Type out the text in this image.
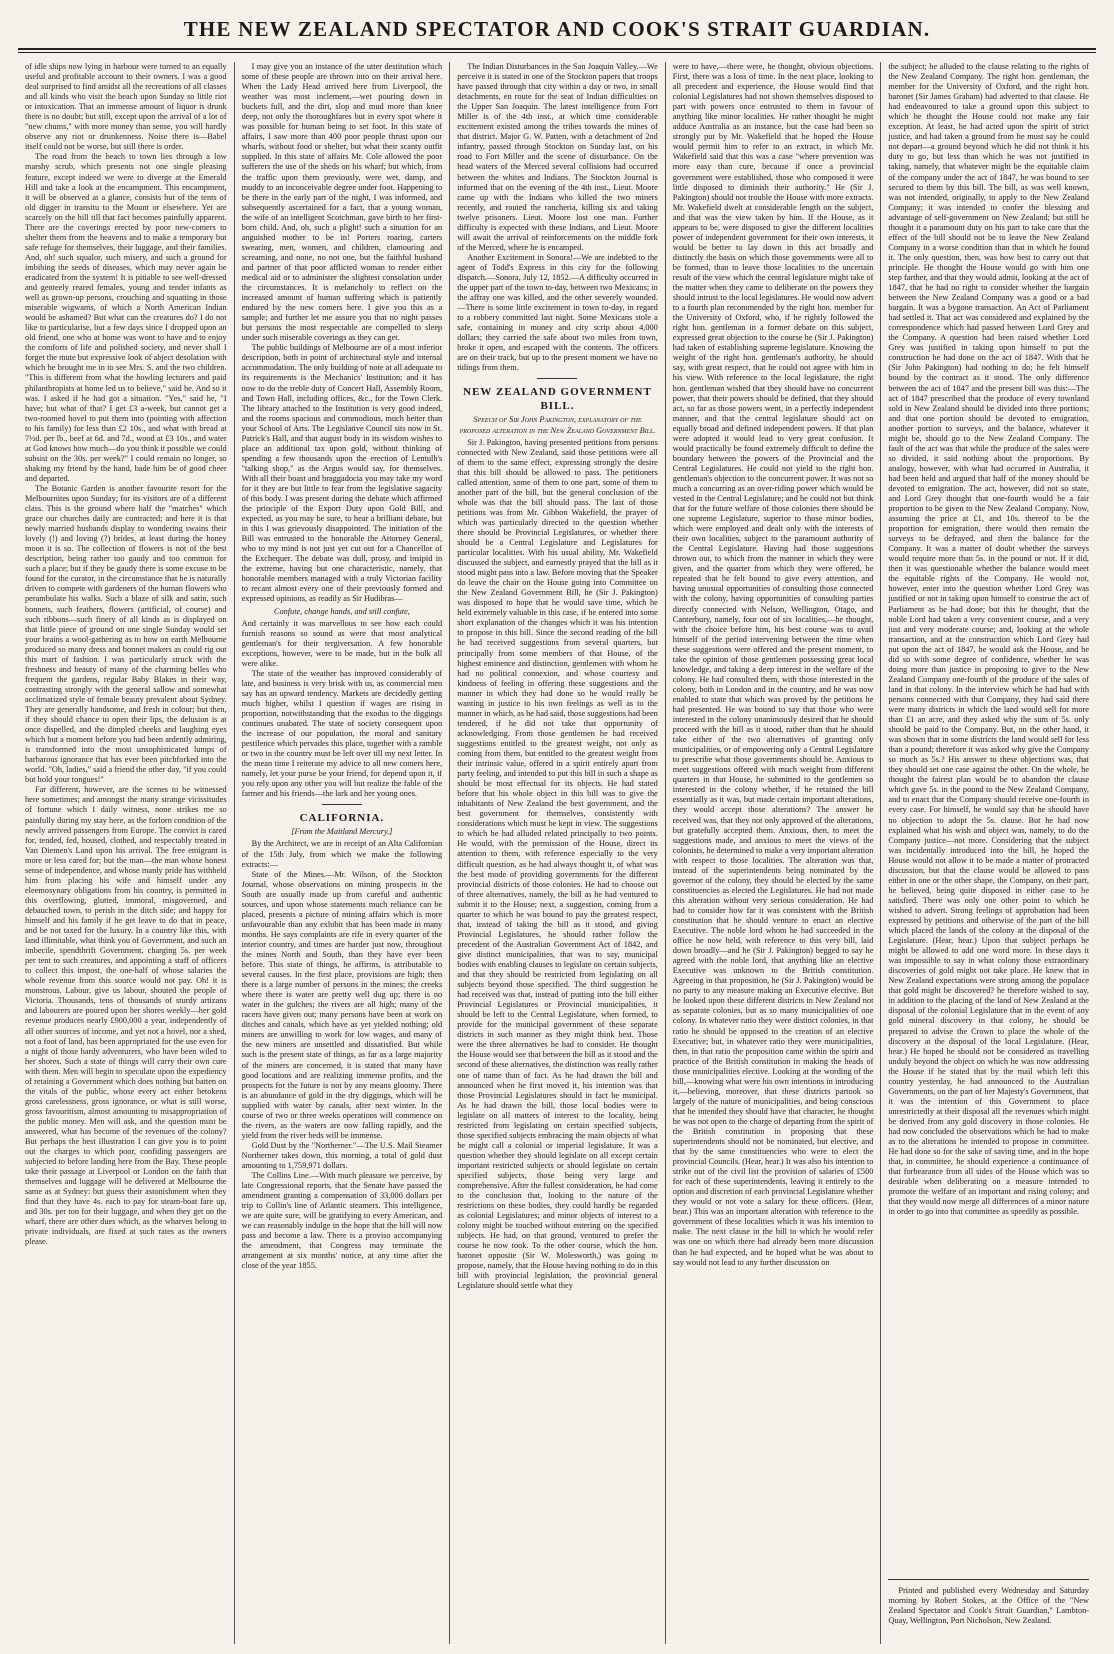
THE NEW ZEALAND SPECTATOR AND COOK'S STRAIT GUARDIAN.

of idle ships now lying in harbour were turned to an equally useful and profitable account to their owners. I was a good deal surprised to find amidst all the recreations of all classes and all kinds who visit the beach upon Sunday so little riot or intoxication. That an immense amount of liquor is drunk there is no doubt; but still, except upon the arrival of a lot of "new chums," with more money than sense, you will hardly observe any riot or drunkenness. Noise there is—Babel itself could not be worse, but still there is order.

The road from the beach to town lies through a low marshy scrub, which presents not one single pleasing feature, except indeed we were to diverge at the Emerald Hill and take a look at the encampment. This encampment, it will be observed at a glance, consists but of the tents of old digger in transitu to the Mount or elsewhere. Yet are scarcely on the hill till that fact becomes painfully apparent. There are the coverings erected by poor new-comers to shelter them from the heavens and to make a temporary but safe refuge for themselves, their luggage, and their families. And, oh! such squalor, such misery, and such a ground for imbibing the seeds of diseases, which may never again be eradicated from the system! It is pitiable to see well-dressed and genteely reared females, young and tender infants as well as grown-up persons, crouching and squatting in those miserable wigwams, of which a North American Indian would be ashamed? But what can the creatures do? I do not like to particularise, but a few days since I dropped upon an old friend, one who at home was wont to have and to enjoy the comforts of life and polished society, and never shall I forget the mute but expressive look of abject desolation with which he brought me in to see Mrs. S. and the two children. "This is different from what the howling lecturers and paid philanthropists at home led us to believe," said he. And so it was. I asked if he had got a situation. "Yes," said he, "I have; but what of that? I get £3 a-week, but cannot get a two-roomed hovel to put them into (pointing with affection to his family) for less than £2 10s., and what with bread at 7½d. per lb., beef at 6d. and 7d., wood at £3 10s., and water at God knows how much—do you think it possible we could subsist on the 30s. per week?" I could remain no longer, so shaking my friend by the hand, bade him be of good cheer and departed.

The Botanic Garden is another favourite resort for the Melbournites upon Sunday; for its visitors are of a different class. This is the ground where half the "matches" which grace our churches daily are contracted; and here it is that newly married husbands display to wondering swains their lovely (!) and loving (?) brides, at least during the honey moon it is so. The collection of flowers is not of the best description, being rather too gaudy and too common for such a place; but if they be gaudy there is some excuse to be found for the curator, in the circumstance that he is naturally driven to compete with gardeners of the human flowers who perambulate his walks. Such a blaze of silk and satin, such bonnets, such feathers, flowers (artificial, of course) and such ribbons—such finery of all kinds as is displayed on that little piece of ground on one single Sunday would set your brains a wool-gathering as to how on earth Melbourne produced so many dress and bonnet makers as could rig out this mart of fashion. I was particularly struck with the freshness and beauty of many of the charming belles who frequent the gardens, regular Baby Blakes in their way, contrasting strongly with the general sallow and somewhat acclimatized style of female beauty prevalent about Sydney. They are generally handsome, and fresh in colour; but then, if they should chance to open their lips, the delusion is at once dispelled, and the dimpled cheeks and laughing eyes which but a moment before you had been ardently admiring, is transformed into the most unsophisticated lumps of barbarous ignorance that has ever been pitchforked into the world. "Oh, ladies," said a friend the other day, "if you could but hold your tongues!"

Far different, however, are the scenes to be witnessed here sometimes; and amongst the many strange vicissitudes of fortune which I daily witness, none strikes me so painfully during my stay here, as the forlorn condition of the newly arrived passengers from Europe. The convict is cared for, tended, fed, housed, clothed, and respectably treated in Van Diemen's Land upon his arrival. The free emigrant is more or less cared for; but the man—the man whose honest sense of independence, and whose manly pride has withheld him from placing his wife and himself under any eleemosynary obligations from his country, is permitted in this overflowing, glutted, immoral, misgoverned, and debauched town, to perish in the ditch side; and happy for himself and his family if he get leave to do that in peace, and be not taxed for the luxury. In a country like this, with land illimitable, what think you of Government, and such an imbecile, spendthrift Government, charging 5s. per week per tent to such creatures, and appointing a staff of officers to collect this impost, the one-half of whose salaries the whole revenue from this source would not pay. Oh! it is monstrous. Labour, give us labour, shouted the people of Victoria. Thousands, tens of thousands of sturdy artizans and labourers are poured upon her shores weekly—her gold revenue produces nearly £900,000 a year, independently of all other sources of income, and yet not a hovel, nor a shed, not a foot of land, has been appropriated for the use even for a night of those hardy adventurers, who have been wiled to her shores. Such a state of things will carry their own cure with them. Men will begin to speculate upon the expediency of retaining a Government which does nothing but batten on the vitals of the public, whose every act either betokens gross carelessness, gross ignorance, or what is still worse, gross favouritism, almost amounting to misappropriation of the public money. Men will ask, and the question must be answered, what has become of the revenues of the colony? But perhaps the best illustration I can give you is to point out the charges to which poor, confiding passengers are subjected to before landing here from the Bay. These people take their passage at Liverpool or London on the faith that themselves and luggage will be delivered at Melbourne the same as at Sydney: but guess their astonishment when they find that they have 4s. each to pay for steam-boat fare up, and 30s. per ton for their luggage, and when they get on the wharf, there are other dues which, as the wharves belong to private individuals, are fixed at such rates as the owners please.

I may give you an instance of the utter destitution which some of these people are thrown into on their arrival here. When the Lady Head arrived here from Liverpool, the weather was most inclement,—wet pouring down in buckets full, and the dirt, slop and mud more than knee deep, not only the thoroughfares but in every spot where it was possible for human being to set foot. In this state of affairs, I saw more than 400 poor people thrust upon our wharfs, without food or shelter, but what their scanty outfit supplied. In this state of affairs Mr. Cole allowed the poor sufferers the use of the sheds on his wharf; but which, from the traffic upon them previously, were wet, damp, and muddy to an inconceivable degree under foot. Happening to be there in the early part of the night, I was informed, and subsequently ascertained for a fact, that a young woman, the wife of an intelligent Scotchman, gave birth to her first-born child. And, oh, such a plight! such a situation for an anguished mother to be in! Porters roaring, carters swearing, men, women, and children, clamouring and screaming, and none, no not one, but the faithful husband and partner of that poor afflicted woman to render either medical aid or to administer the slightest consolation under the circumstances. It is melancholy to reflect on the increased amount of human suffering which is patiently endured by the new comers here. I give you this as a sample; and further let me assure you that no night passes but persons the most respectable are compelled to sleep under such miserable coverings as they can get.

The public buildings of Melbourne are of a most inferior description, both in point of architectural style and internal accommodation. The only building of note at all adequate to its requirements is the Mechanics' Institution; and it has now to do the treble duty of Concert Hall, Assembly Room, and Town Hall, including offices, &c., for the Town Clerk. The library attached to the Institution is very good indeed, and the rooms spacious and commodious, much better than your School of Arts. The Legislative Council sits now in St. Patrick's Hall, and that august body in its wisdom wishes to place an additional tax upon gold, without thinking of spending a few thousands upon the erection of Lentulh's "talking shop," as the Argus would say, for themselves. With all their boast and braggadocia you may take my word for it they are but little to fear from the legislative sagacity of this body. I was present during the debate which affirmed the principle of the Export Duty upon Gold Bill, and expected, as you may be sure, to hear a brilliant debate, but in this I was grievously disappointed. The initiation of the Bill was entrusted to the honorable the Attorney General, who to my mind is not just yet cut out for a Chancellor of the Exchequer. The debate was dull, prosy, and insipid in the extreme, having but one characteristic, namely, that honorable members managed with a truly Victorian facility to recant almost every one of their previously formed and expressed opinions, as readily as Sir Hudibras—

Confute, change hands, and still confute,

And certainly it was marvellous to see how each could furnish reasons so sound as were that most analytical gentleman's for their tergiversation. A few honorable exceptions, however, were to be made, but in the bulk all were alike.

The state of the weather has improved considerably of late, and business is very brisk with us, as commercial men say has an upward tendency. Markets are decidedly getting much higher, whilst I question if wages are rising in proportion, notwithstanding that the exodus to the diggings continues unabated. The state of society consequent upon the increase of our population, the moral and sanitary pestilence which pervades this place, together with a ramble or two in the country must be left over till my next letter. In the mean time I reiterate my advice to all new comers here, namely, let your purse be your friend, for depend upon it, if you rely upon any other you will but realize the fable of the farmer and his friends—the lark and her young ones.

CALIFORNIA.

[From the Maitland Mercury.]

By the Architect, we are in receipt of an Alta Californian of the 15th July, from which we make the following extracts:—

State of the Mines.—Mr. Wilson, of the Stockton Journal, whose observations on mining prospects in the South are usually made up from careful and authentic sources, and upon whose statements much reliance can be placed, presents a picture of mining affairs which is more unfavourable than any exhibit that has been made in many months. He says complaints are rife in every quarter of the interior country, and times are harder just now, throughout the mines North and South, than they have ever been before. This state of things, he affirms, is attributable to several causes. In the first place, provisions are high; then there is a large number of persons in the mines; the creeks where there is water are pretty well dug up; there is no water in the gulches; the rivers are all high; many of the racers have given out; many persons have been at work on ditches and canals, which have as yet yielded nothing; old miners are unwilling to work for low wages, and many of the new miners are unsettled and dissatisfied. But while such is the present state of things, as far as a large majority of the miners are concerned, it is stated that many have good locations and are realizing immense profits, and the prospects for the future is not by any means gloomy. There is an abundance of gold in the dry diggings, which will be supplied with water by canals, after next winter. In the course of two or three weeks operations will commence on the rivers, as the waters are now falling rapidly, and the yield from the river beds will be immense.

Gold Dust by the "Northerner."—The U.S. Mail Steamer Northerner takes down, this morning, a total of gold dust amounting to 1,759,971 dollars.

The Collins Line.—With much pleasure we perceive, by late Congressional reports, that the Senate have passed the amendment granting a compensation of 33,000 dollars per trip to Collin's line of Atlantic steamers. This intelligence, we are quite sure, will be gratifying to every American, and we can reasonably indulge in the hope that the bill will now pass and become a law. There is a proviso accompanying the amendment, that Congress may terminate the arrangement at six months' notice, at any time after the close of the year 1855.

The Indian Disturbances in the San Joaquin Valley.—We perceive it is stated in one of the Stockton papers that troops have passed through that city within a day or two, in small detachments, en route for the seat of Indian difficulties on the Upper San Joaquin. The latest intelligence from Fort Miller is of the 4th inst., at which time considerable excitement existed among the tribes towards the mines of that district. Major G. W. Patten, with a detachment of 2nd infantry, passed through Stockton on Sunday last, on his road to Fort Miller and the scene of disturbance. On the head waters of the Merced several collisions had occurred between the whites and Indians. The Stockton Journal is informed that on the evening of the 4th inst., Lieut. Moore came up with the Indians who killed the two miners recently, and routed the rancheria, killing six and taking twelve prisoners. Lieut. Moore lost one man. Further difficulty is expected with these Indians, and Lieut. Moore will await the arrival of reinforcements on the middle fork of the Merced, where he is encamped.

Another Excitement in Sonora!—We are indebted to the agent of Todd's Express in this city for the following dispatch.—Sonora, July 12, 1852.—A difficulty occurred in the upper part of the town to-day, between two Mexicans; in the affray one was killed, and the other severely wounded.—There is some little excitement in town to-day, in regard to a robbery committed last night. Some Mexicans stole a safe, containing in money and city scrip about 4,000 dollars; they carried the safe about two miles from town, broke it open, and escaped with the contents. The officers are on their track, but up to the present moment we have no tidings from them.

NEW ZEALAND GOVERNMENT BILL.

Speech of Sir John Pakington, explanatory of the proposed alteration in the New Zealand Government Bill.

Sir J. Pakington, having presented petitions from persons connected with New Zealand, said those petitions were all of them to the same effect, expressing strongly the desire that this bill should be allowed to pass. The petitioners called attention, some of them to one part, some of them to another part of the bill, but the general conclusion of the whole was that the bill should pass. The last of those petitions was from Mr. Gibbon Wakefield, the prayer of which was particularly directed to the question whether there should be Provincial Legislatures, or whether there should be a Central Legislature and Legislatures for particular localities. With his usual ability, Mr. Wakefield discussed the subject, and earnestly prayed that the bill as it stood might pass into a law. Before moving that the Speaker do leave the chair on the House going into Committee on the New Zealand Government Bill, he (Sir J. Pakington) was disposed to hope that he would save time, which he held extremely valuable in this case, if he entered into some short explanation of the changes which it was his intention to propose in this bill. Since the second reading of the bill he had received suggestions from several quarters, but principally from some members of that House, of the highest eminence and distinction, gentlemen with whom he had no political connexion, and whose courtesy and kindness of feeling in offering these suggestions and the manner in which they had done so he would really be wanting in justice to his own feelings as well as to the manner in which, as he had said, those suggestions had been tendered, if he did not take that opportunity of acknowledging. From those gentlemen he had received suggestions entitled to the greatest weight, not only as coming from them, but entitled to the greatest weight from their intrinsic value, offered in a spirit entirely apart from party feeling, and intended to put this bill in such a shape as should be most effectual for its objects. He had stated before that his whole object in this bill was to give the inhabitants of New Zealand the best government, and the best government for themselves, consistently with considerations which must be kept in view. The suggestions to which he had alluded related principally to two points. He would, with the permission of the House, direct its attention to them, with reference especially to the very difficult question, as he had always thought it, of what was the best mode of providing governments for the different provincial districts of those colonies. He had to choose out of three alternatives, namely, the bill as he had ventured to submit it to the House; next, a suggestion, coming from a quarter to which he was bound to pay the greatest respect, that, instead of taking the bill as it stood, and giving Provincial Legislatures, he should rather follow the precedent of the Australian Government Act of 1842, and give distinct municipalities, that was to say, municipal bodies with enabling clauses to legislate on certain subjects, and that they should be restricted from legislating on all subjects beyond those specified. The third suggestion he had received was that, instead of putting into the bill either Provincial Legislatures or Provincial municipalities, it should be left to the Central Legislature, when formed, to provide for the municipal government of these separate districts in such manner as they might think best. Those were the three alternatives he had to consider. He thought the House would see that between the bill as it stood and the second of these alternatives, the distinction was really rather one of name than of fact. As he had drawn the bill and announced when he first moved it, his intention was that those Provincial Legislatures should in fact be municipal. As he had drawn the bill, those local bodies were to legislate on all matters of interest to the locality, being restricted from legislating on certain specified subjects, those specified subjects embracing the main objects of what he might call a colonial or imperial legislature. It was a question whether they should legislate on all except certain important restricted subjects or should legislate on certain specified subjects, those being very large and comprehensive. After the fullest consideration, he had come to the conclusion that, looking to the nature of the restrictions on these bodies, they could hardly be regarded as colonial Legislatures; and minor objects of interest to a colony might be touched without entering on the specified subjects. He had, on that ground, ventured to prefer the course he now took. To the other course, which the hon. baronet opposite (Sir W. Molesworth,) was going to propose, namely, that the House having nothing to do in this bill with provincial legislation, the provincial general Legislature should settle what they

were to have,—there were, he thought, obvious objections. First, there was a loss of time. In the next place, looking to all precedent and experience, the House would find that colonial Legislatures had not shown themselves disposed to part with powers once entrusted to them in favour of anything like minor localities. He rather thought he might adduce Australia as an instance, but the case had been so strongly put by Mr. Wakefield that he hoped the House would permit him to refer to an extract, in which Mr. Wakefield said that this was a case "where prevention was more easy than cure, because if once a provincial government were established, those who composed it were little disposed to diminish their authority." He (Sir J. Pakington) should not trouble the House with more extracts. Mr. Wakefield dwelt at considerable length on the subject, and that was the view taken by him. If the House, as it appears to be, were disposed to give the different localities power of independent government for their own interests, it would be better to lay down in this act broadly and distinctly the basis on which those governments were all to be formed, than to leave those localities to the uncertain result of the view which the central legislature might take of the matter when they came to deliberate on the powers they should intrust to the local legislatures. He would now advert to a fourth plan recommended by the right hon. member for the University of Oxford, who, if he rightly followed the right hon. gentleman in a former debate on this subject, expressed great objection to the course he (Sir J. Pakington) had taken of establishing supreme legislature. Knowing the weight of the right hon. gentleman's authority, he should say, with great respect, that he could not agree with him in his view. With reference to the local legislature, the right hon. gentleman wished that they should have no concurrent power, that their powers should be defined, that they should act, so far as those powers went, in a perfectly independent manner, and that the central legislature should act on equally broad and defined independent powers. If that plan were adopted it would lead to very great confusion. It would practically be found extremely difficult to define the boundary between the powers of the Provincial and the Central Legislatures. He could not yield to the right hon. gentleman's objection to the concurrent power. It was not so much a concurring as an over-riding power which would be vested in the Central Legislature; and he could not but think that for the future welfare of those colonies there should be one supreme Legislature, superior to those minor bodies, which were employed and dealt only with the interests of their own localities, subject to the paramount authority of the Central Legislature. Having had those suggestions thrown out, to which from the manner in which they were given, and the quarter from which they were offered, he repeated that he felt bound to give every attention, and having unusual opportunities of consulting those connected with the colony, having opportunities of consulting parties directly connected with Nelson, Wellington, Otago, and Canterbury, namely, four out of six localities,—he thought, with the choice before him, his best course was to avail himself of the period intervening between the time when these suggestions were offered and the present moment, to take the opinion of those gentlemen possessing great local knowledge, and taking a deep interest in the welfare of the colony. He had consulted them, with those interested in the colony, both in London and in the country, and he was now enabled to state that which was proved by the petitions he had presented. He was bound to say that those who were interested in the colony unanimously desired that he should proceed with the bill as it stood, rather than that he should take either of the two alternatives of granting only municipalities, or of empowering only a Central Legislature to prescribe what those governments should be. Anxious to meet suggestions offered with much weight from different quarters in that House, he submitted to the gentlemen so interested in the colony whether, if he retained the bill essentially as it was, but made certain important alterations, they would accept those alterations? The answer he received was, that they not only approved of the alterations, but gratefully accepted them. Anxious, then, to meet the suggestions made, and anxious to meet the views of the colonists, he determined to make a very important alteration with respect to those localities. The alteration was that, instead of the superintendents being nominated by the governor of the colony, they should be elected by the same constituencies as elected the Legislatures. He had not made this alteration without very serious consideration. He had had to consider how far it was consistent with the British constitution that he should venture to enact an elective Executive. The noble lord whom he had succeeded in the office he now held, with reference to this very bill, laid down broadly—and he (Sir J. Pakington) begged to say he agreed with the noble lord, that anything like an elective Executive was unknown to the British constitution. Agreeing in that proposition, he (Sir J. Pakington) would be no party to any measure making an Executive elective. But he looked upon these different districts in New Zealand not as separate colonies, but as so many municipalities of one colony. In whatever ratio they were distinct colonies, in that ratio he should be opposed to the creation of an elective Executive; but, in whatever ratio they were municipalities, then, in that ratio the proposition came within the spirit and practice of the British constitution in making the heads of those municipalities elective. Looking at the wording of the bill,—knowing what were his own intentions in introducing it,—believing, moreover, that these districts partook so largely of the nature of municipalities, and being conscious that he intended they should have that character, he thought he was not open to the charge of departing from the spirit of the British constitution in proposing that these superintendents should not be nominated, but elective, and that by the same constituencies who were to elect the provincial Councils. (Hear, hear.) It was also his intention to strike out of the civil list the provision of salaries of £500 for each of these superintendents, leaving it entirely to the option and discretion of each provincial Legislature whether they would or not vote a salary for these officers. (Hear, hear.) This was an important alteration with reference to the government of these localities which it was his intention to make. The next clause in the bill to which he would refer was one on which there had already been more discussion than he had expected, and he hoped what he was about to say would not lead to any further discussion on

the subject; he alluded to the clause relating to the rights of the New Zealand Company. The right hon. gentleman, the member for the University of Oxford, and the right hon. baronet (Sir James Graham) had adverted to that clause. He had endeavoured to take a ground upon this subject to which he thought the House could not make any fair exception. At least, he had acted upon the spirit of strict justice, and had taken a ground from he must say he could not depart—a ground beyond which he did not think it his duty to go, but less than which he was not justified in taking, namely, that whatever might be the equitable claim of the company under the act of 1847, he was bound to see secured to them by this bill. The bill, as was well known, was not intended, originally, to apply to the New Zealand Company; it was intended to confer the blessing and advantage of self-government on New Zealand; but still he thought it a paramount duty on his part to take care that the effect of the bill should not be to leave the New Zealand Company in a worse condition than that in which he found it. The only question, then, was how best to carry out that principle. He thought the House would go with him one step farther, and that they would admit, looking at the act of 1847, that he had no right to consider whether the bargain between the New Zealand Company was a good or a bad bargain. It was a bygone transaction. An Act of Parliament had settled it. That act was considered and explained by the correspondence which had passed between Lord Grey and the Company. A question had been raised whether Lord Grey was justified in taking upon himself to put the construction he had done on the act of 1847. With that he (Sir John Pakington) had nothing to do; he felt himself bound by the contract as it stood. The only difference between the act of 1847 and the present bill was this:—The act of 1847 prescribed that the produce of every townland sold in New Zealand should be divided into three portions; and that one portion should be devoted to emigration, another portion to surveys, and the balance, whatever it might be, should go to the New Zealand Company. The fault of the act was that while the produce of the sales were so divided, it said nothing about the proportions. By analogy, however, with what had occurred in Australia, it had been held and argued that half of the money should be devoted to emigration. The act, however, did not so state, and Lord Grey thought that one-fourth would be a fair proportion to be given to the New Zealand Company. Now, assuming the price at £1, and 10s. thereof to be the proportion for emigration, there would then remain the surveys to be defrayed, and then the balance for the Company. It was a matter of doubt whether the surveys would require more than 5s. in the pound or not. If it did, then it was questionable whether the balance would meet the equitable rights of the Company. He would not, however, enter into the question whether Lord Grey was justified or not in taking upon himself to construe the act of Parliament as he had done; but this he thought, that the noble Lord had taken a very convenient course, and a very just and very moderate course; and, looking at the whole transaction, and at the construction which Lord Grey had put upon the act of 1847, he would ask the House, and he did so with some degree of confidence, whether he was doing more than justice in proposing to give to the New Zealand Company one-fourth of the produce of the sales of land in that colony. In the interview which he had had with persons connected with that Company, they had said there were many districts in which the land would sell for more than £1 an acre, and they asked why the sum of 5s. only should be paid to the Company. But, on the other hand, it was shown that in some districts the land would sell for less than a pound; therefore it was asked why give the Company so much as 5s.? His answer to these objections was, that they should set one case against the other. On the whole, he thought the fairest plan would be to abandon the clause which gave 5s. in the pound to the New Zealand Company, and to enact that the Company should receive one-fourth in every case. For himself, he would say that he should have no objection to adopt the 5s. clause. But he had now explained what his wish and object was, namely, to do the Company justice—not more. Considering that the subject was incidentally introduced into the bill, he hoped the House would not allow it to be made a matter of protracted discussion, but that the clause would be allowed to pass either in one or the other shape, the Company, on their part, he believed, being quite disposed in either case to be satisfied. There was only one other point to which he wished to advert. Strong feelings of approbation had been expressed by petitions and otherwise of the part of the bill which placed the lands of the colony at the disposal of the Legislature. (Hear, hear.) Upon that subject perhaps he might be allowed to add one word more. In these days it was impossible to say in what colony those extraordinary discoveries of gold might not take place. He knew that in New Zealand expectations were strong among the populace that gold might be discovered? he therefore wished to say, in addition to the placing of the land of New Zealand at the disposal of the colonial Legislature that in the event of any gold mineral discovery in that colony, he should be prepared to advise the Crown to place the whole of the discovery at the disposal of the local Legislature. (Hear, hear.) He hoped he should not be considered as travelling unduly beyond the object on which he was now addressing the House if he stated that by the mail which left this country yesterday, he had announced to the Australian Governments, on the part of her Majesty's Government, that it was the intention of this Government to place unrestrictedly at their disposal all the revenues which might be derived from any gold discovery in those colonies. He had now concluded the observations which he had to make as to the alterations he intended to propose in committee. He had done so for the sake of saving time, and in the hope that, in committee, he should experience a continuance of that forbearance from all sides of the House which was so desirable when deliberating on a measure intended to promote the welfare of an important and rising colony; and that they would now merge all differences of a minor nature in order to go into that committee as speedily as possible.

Printed and published every Wednesday and Saturday morning by Robert Stokes, at the Office of the "New Zealand Spectator and Cook's Strait Guardian," Lambton-Quay, Wellington, Port Nicholson, New Zealand.
